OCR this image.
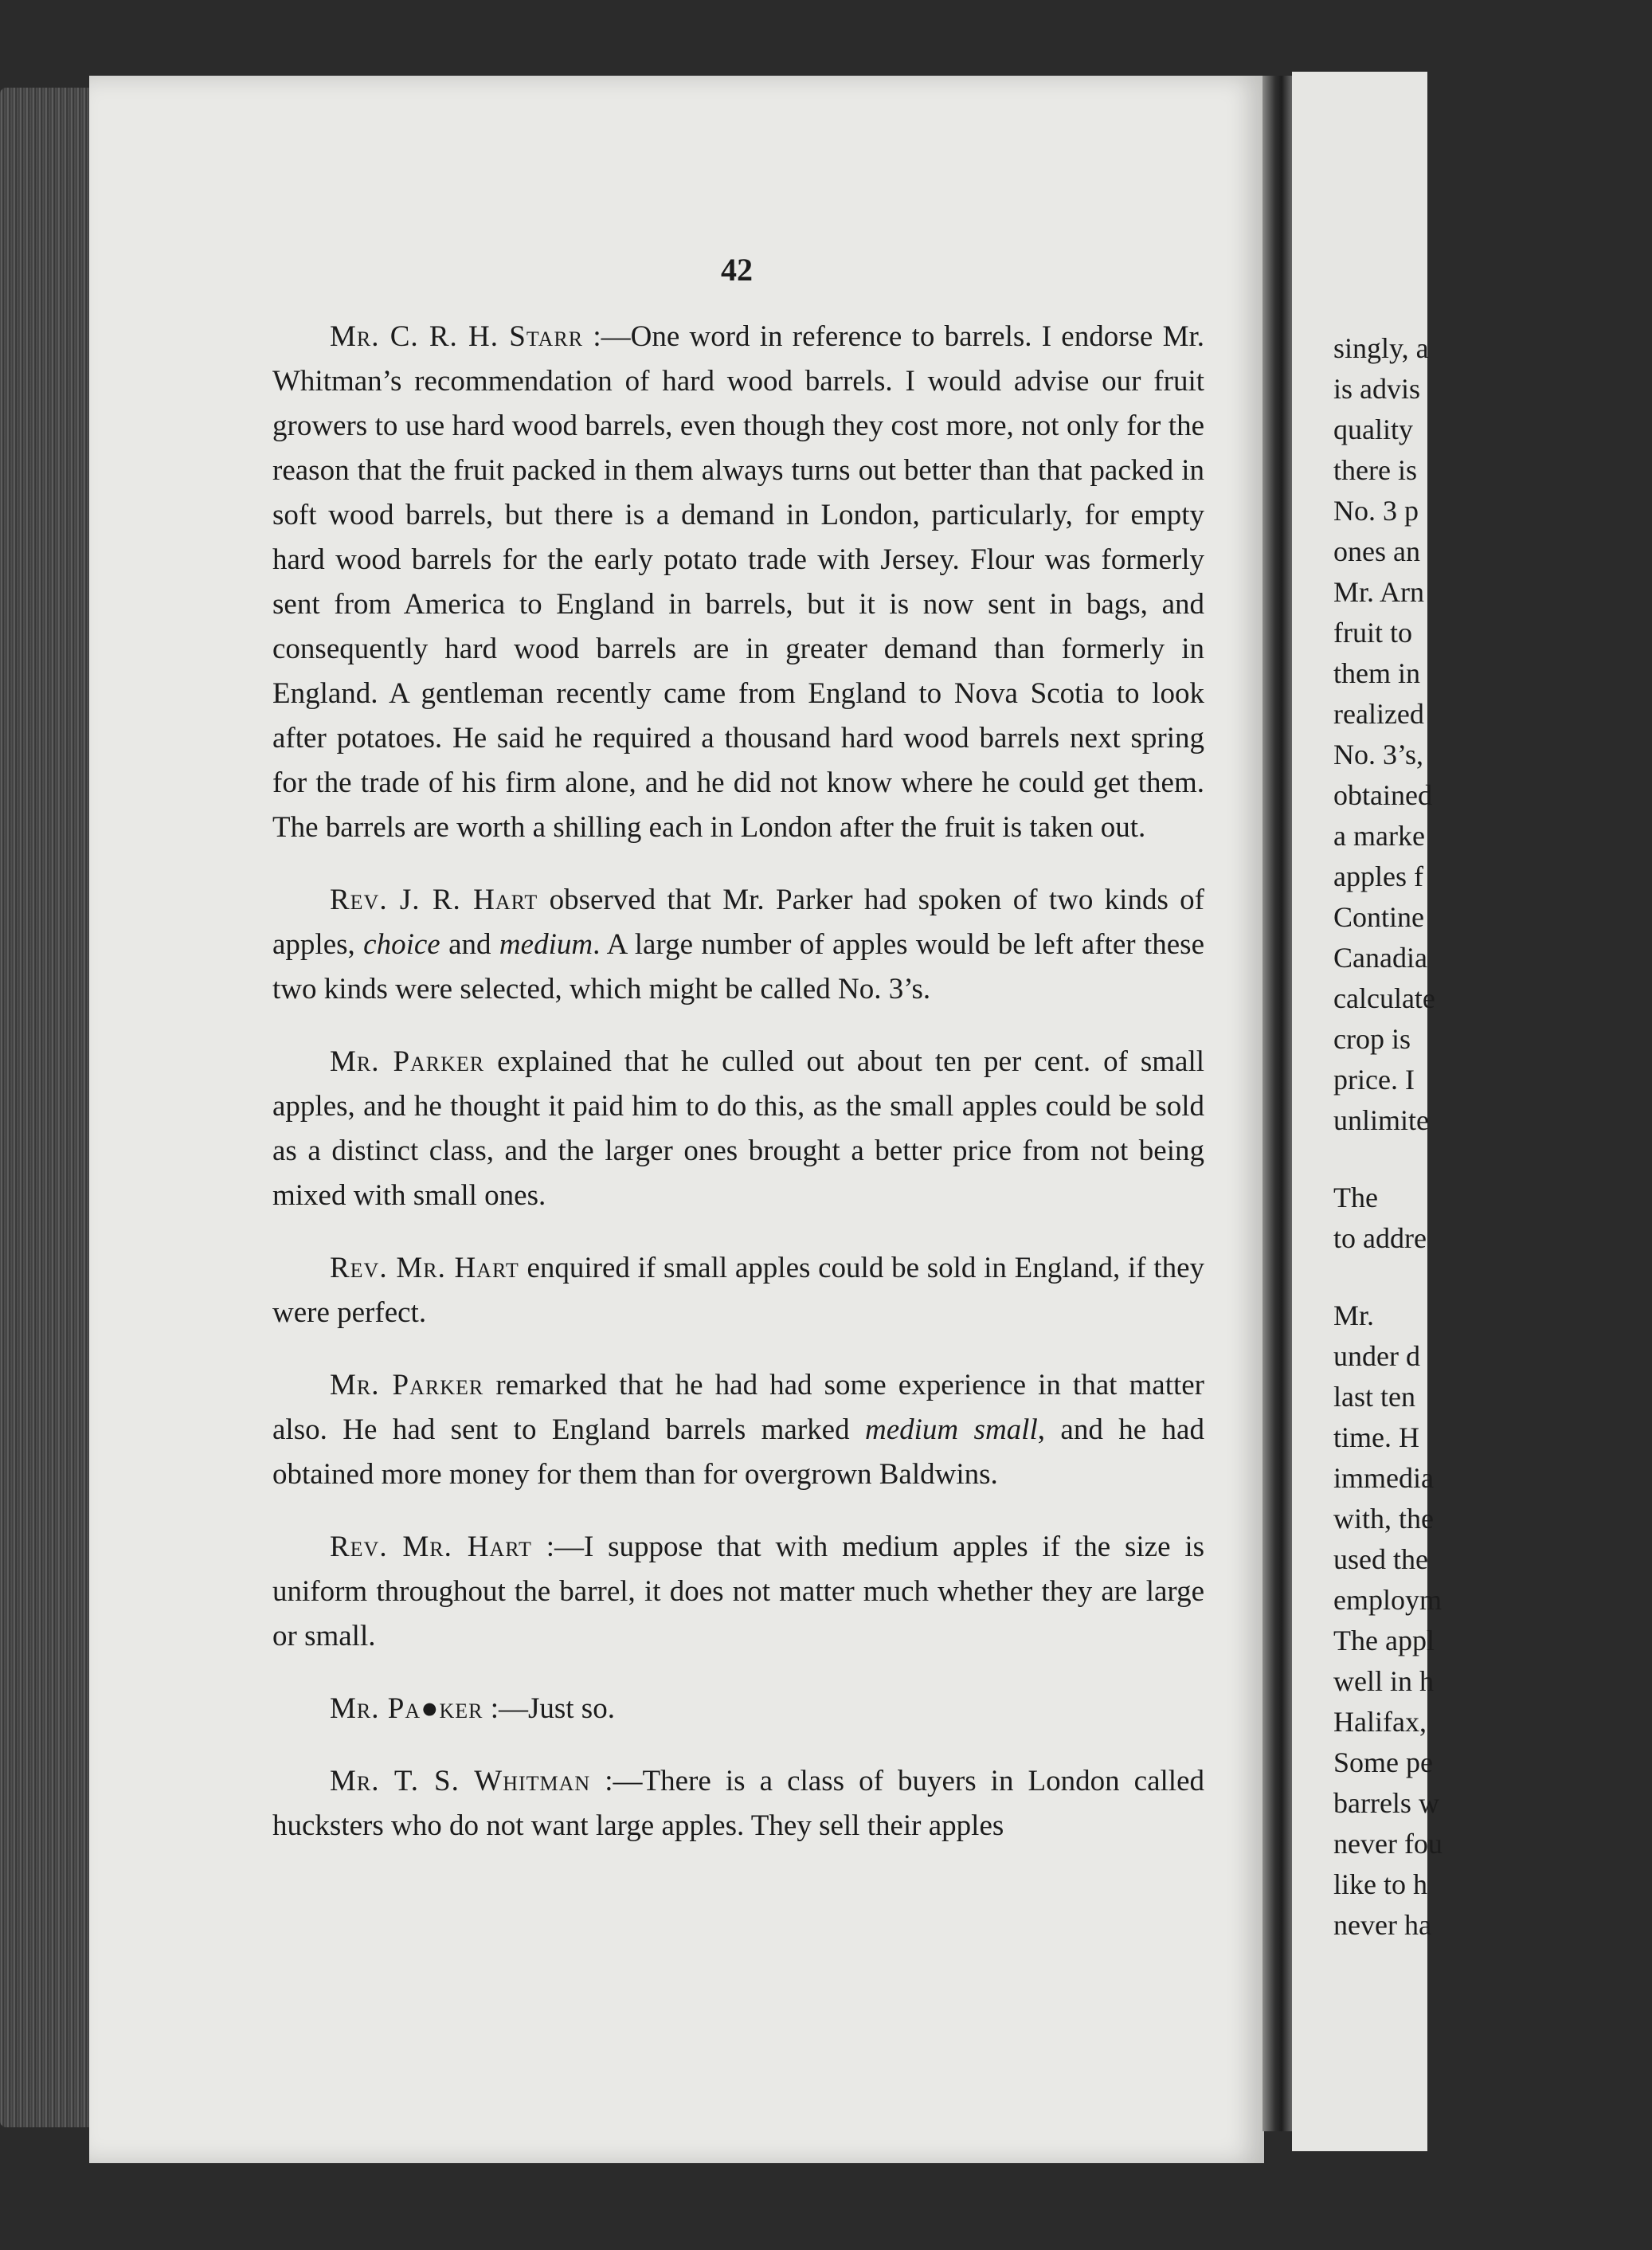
42

Mr. C. R. H. Starr :—One word in reference to barrels. I endorse Mr. Whitman’s recommendation of hard wood barrels. I would advise our fruit growers to use hard wood barrels, even though they cost more, not only for the reason that the fruit packed in them always turns out better than that packed in soft wood barrels, but there is a demand in London, particularly, for empty hard wood barrels for the early potato trade with Jersey. Flour was formerly sent from America to England in barrels, but it is now sent in bags, and consequently hard wood barrels are in greater demand than formerly in England. A gentleman recently came from England to Nova Scotia to look after potatoes. He said he required a thousand hard wood barrels next spring for the trade of his firm alone, and he did not know where he could get them. The barrels are worth a shilling each in London after the fruit is taken out.

Rev. J. R. Hart observed that Mr. Parker had spoken of two kinds of apples, choice and medium. A large number of apples would be left after these two kinds were selected, which might be called No. 3’s.

Mr. Parker explained that he culled out about ten per cent. of small apples, and he thought it paid him to do this, as the small apples could be sold as a distinct class, and the larger ones brought a better price from not being mixed with small ones.

Rev. Mr. Hart enquired if small apples could be sold in England, if they were perfect.

Mr. Parker remarked that he had had some experience in that matter also. He had sent to England barrels marked medium small, and he had obtained more money for them than for overgrown Baldwins.

Rev. Mr. Hart :—I suppose that with medium apples if the size is uniform throughout the barrel, it does not matter much whether they are large or small.

Mr. Pa●ker :—Just so.

Mr. T. S. Whitman :—There is a class of buyers in London called hucksters who do not want large apples. They sell their apples

singly, a
is advis
quality
there is
No. 3 p
ones an
Mr. Arn
fruit to
them in
realized
No. 3’s,
obtained
a marke
apples f
Contine
Canadia
calculate
crop is
price. I
unlimite
The
to addre
Mr.
under d
last ten
time. H
immedia
with, the
used the
employm
The appl
well in h
Halifax,
Some pe
barrels w
never fou
like to h
never ha
